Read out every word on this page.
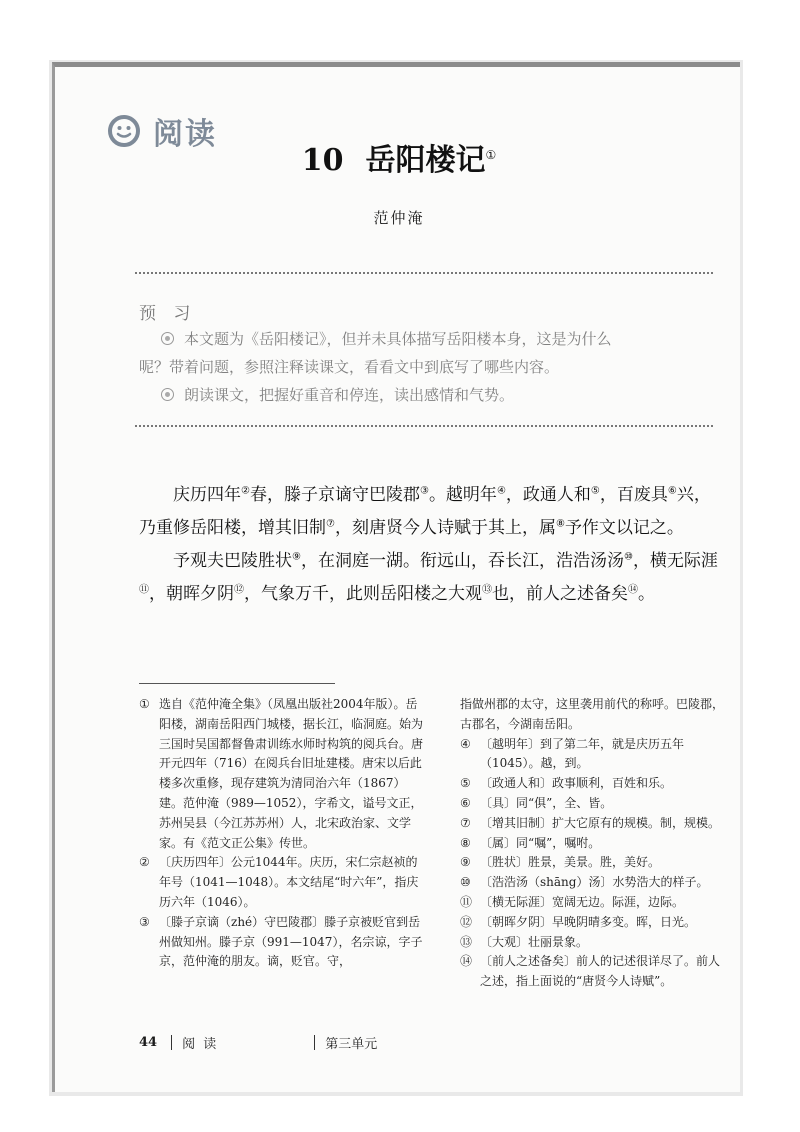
阅读
10 岳阳楼记①
范仲淹
预 习

本文题为《岳阳楼记》，但并未具体描写岳阳楼本身，这是为什么

呢？带着问题，参照注释读课文，看看文中到底写了哪些内容。

朗读课文，把握好重音和停连，读出感情和气势。

庆历四年②春，滕子京谪守巴陵郡③。越明年④，政通人和⑤，百废具⑥兴，乃重修岳阳楼，增其旧制⑦，刻唐贤今人诗赋于其上，属⑧予作文以记之。

予观夫巴陵胜状⑨，在洞庭一湖。衔远山，吞长江，浩浩汤汤⑩，横无际涯⑪，朝晖夕阴⑫，气象万千，此则岳阳楼之大观⑬也，前人之述备矣⑭。

① 选自《范仲淹全集》（凤凰出版社2004年版）。岳阳楼，湖南岳阳西门城楼，据长江，临洞庭。始为三国时吴国都督鲁肃训练水师时构筑的阅兵台。唐开元四年（716）在阅兵台旧址建楼。唐宋以后此楼多次重修，现存建筑为清同治六年（1867）建。范仲淹（989—1052），字希文，谥号文正，苏州吴县（今江苏苏州）人，北宋政治家、文学家。有《范文正公集》传世。
② 〔庆历四年〕公元1044年。庆历，宋仁宗赵祯的年号（1041—1048）。本文结尾“时六年”，指庆历六年（1046）。
③ 〔滕子京谪（zhé）守巴陵郡〕滕子京被贬官到岳州做知州。滕子京（991—1047），名宗谅，字子京，范仲淹的朋友。谪，贬官。守，
指做州郡的太守，这里袭用前代的称呼。巴陵郡，古郡名，今湖南岳阳。
④ 〔越明年〕到了第二年，就是庆历五年（1045）。越，到。
⑤ 〔政通人和〕政事顺利，百姓和乐。
⑥ 〔具〕同“俱”，全、皆。
⑦ 〔增其旧制〕扩大它原有的规模。制，规模。
⑧ 〔属〕同“嘱”，嘱咐。
⑨ 〔胜状〕胜景，美景。胜，美好。
⑩ 〔浩浩汤（shāng）汤〕水势浩大的样子。
⑪ 〔横无际涯〕宽阔无边。际涯，边际。
⑫ 〔朝晖夕阴〕早晚阴晴多变。晖，日光。
⑬ 〔大观〕壮丽景象。
⑭ 〔前人之述备矣〕前人的记述很详尽了。前人之述，指上面说的“唐贤今人诗赋”。
44 阅 读	第三单元
